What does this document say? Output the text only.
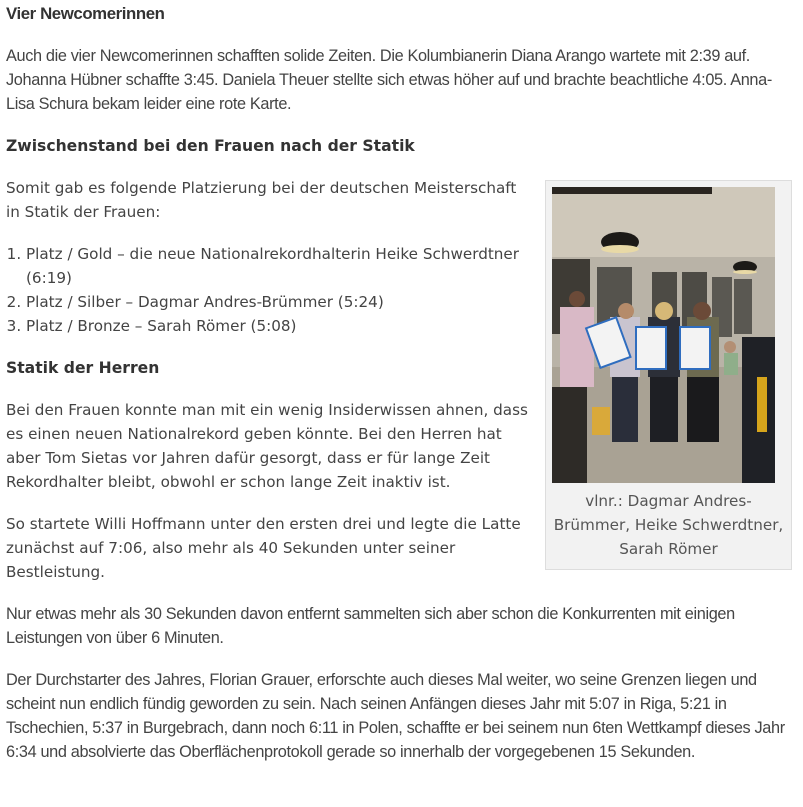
Vier Newcomerinnen

Auch die vier Newcomerinnen schafften solide Zeiten. Die Kolumbianerin Diana Arango wartete mit 2:39 auf. Johanna Hübner schaffte 3:45. Daniela Theuer stellte sich etwas höher auf und brachte beachtliche 4:05. Anna-Lisa Schura bekam leider eine rote Karte.

Zwischenstand bei den Frauen nach der Statik

Somit gab es folgende Platzierung bei der deutschen Meisterschaft in Statik der Frauen:

1. Platz / Gold – die neue Nationalrekordhalterin Heike Schwerdtner (6:19)
2. Platz / Silber – Dagmar Andres-Brümmer (5:24)
3. Platz / Bronze – Sarah Römer (5:08)
Statik der Herren

Bei den Frauen konnte man mit ein wenig Insiderwissen ahnen, dass es einen neuen Nationalrekord geben könnte. Bei den Herren hat aber Tom Sietas vor Jahren dafür gesorgt, dass er für lange Zeit Rekordhalter bleibt, obwohl er schon lange Zeit inaktiv ist.

So startete Willi Hoffmann unter den ersten drei und legte die Latte zunächst auf 7:06, also mehr als 40 Sekunden unter seiner Bestleistung.

Nur etwas mehr als 30 Sekunden davon entfernt sammelten sich aber schon die Konkurrenten mit einigen Leistungen von über 6 Minuten.

Der Durchstarter des Jahres, Florian Grauer, erforschte auch dieses Mal weiter, wo seine Grenzen liegen und scheint nun endlich fündig geworden zu sein. Nach seinen Anfängen dieses Jahr mit 5:07 in Riga, 5:21 in Tschechien, 5:37 in Burgebrach, dann noch 6:11 in Polen, schaffte er bei seinem nun 6ten Wettkampf dieses Jahr 6:34 und absolvierte das Oberflächenprotokoll gerade so innerhalb der vorgegebenen 15 Sekunden.

vlnr.: Dagmar Andres-Brümmer, Heike Schwerdtner, Sarah Römer
